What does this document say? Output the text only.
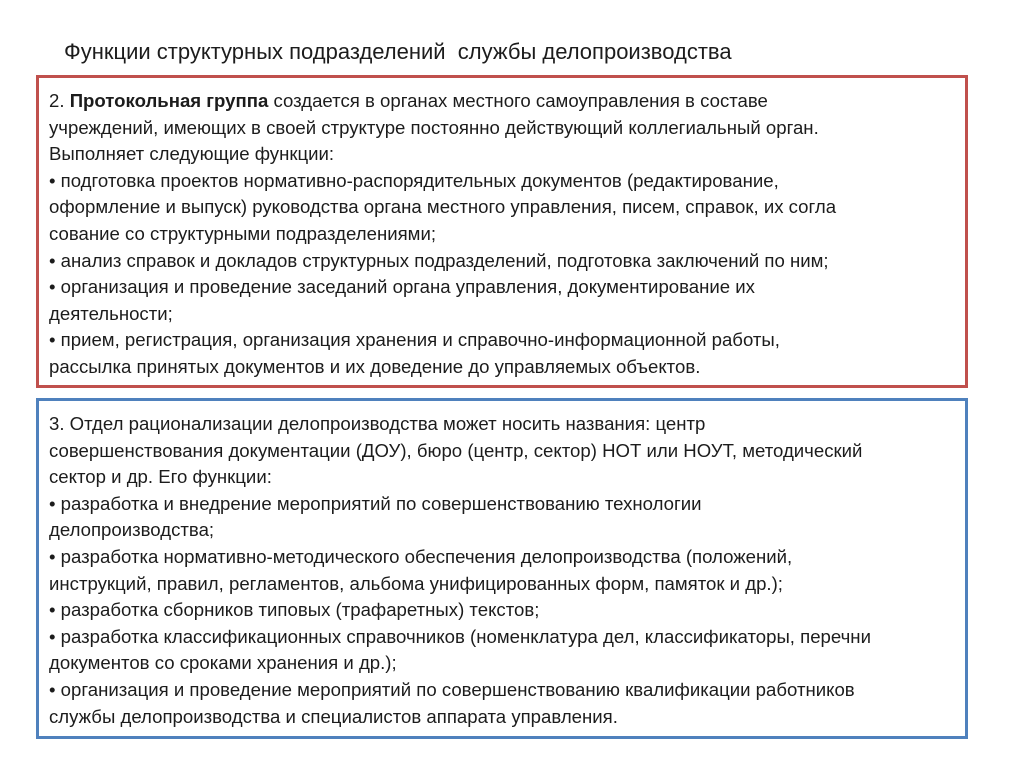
Функции структурных подразделений  службы делопроизводства
2. Протокольная группа создается в органах местного самоуправления в составе
учреждений, имеющих в своей структуре постоянно действующий коллегиальный орган.
Выполняет следующие функции:
• подготовка проектов нормативно-распорядительных документов (редактирование,
оформление и выпуск) руководства органа местного управления, писем, справок, их согла
сование со структурными подразделениями;
• анализ справок и докладов структурных подразделений, подготовка заключений по ним;
• организация и проведение заседаний органа управления, документирование их
деятельности;
• прием, регистрация, организация хранения и справочно-информационной работы,
рассылка принятых документов и их доведение до управляемых объектов.
3. Отдел рационализации делопроизводства может носить названия: центр
совершенствования документации (ДОУ), бюро (центр, сектор) НОТ или НОУТ, методический
сектор и др. Его функции:
• разработка и внедрение мероприятий по совершенствованию технологии
делопроизводства;
• разработка нормативно-методического обеспечения делопроизводства (положений,
инструкций, правил, регламентов, альбома унифицированных форм, памяток и др.);
• разработка сборников типовых (трафаретных) текстов;
• разработка классификационных справочников (номенклатура дел, классификаторы, перечни
документов со сроками хранения и др.);
• организация и проведение мероприятий по совершенствованию квалификации работников
службы делопроизводства и специалистов аппарата управления.
